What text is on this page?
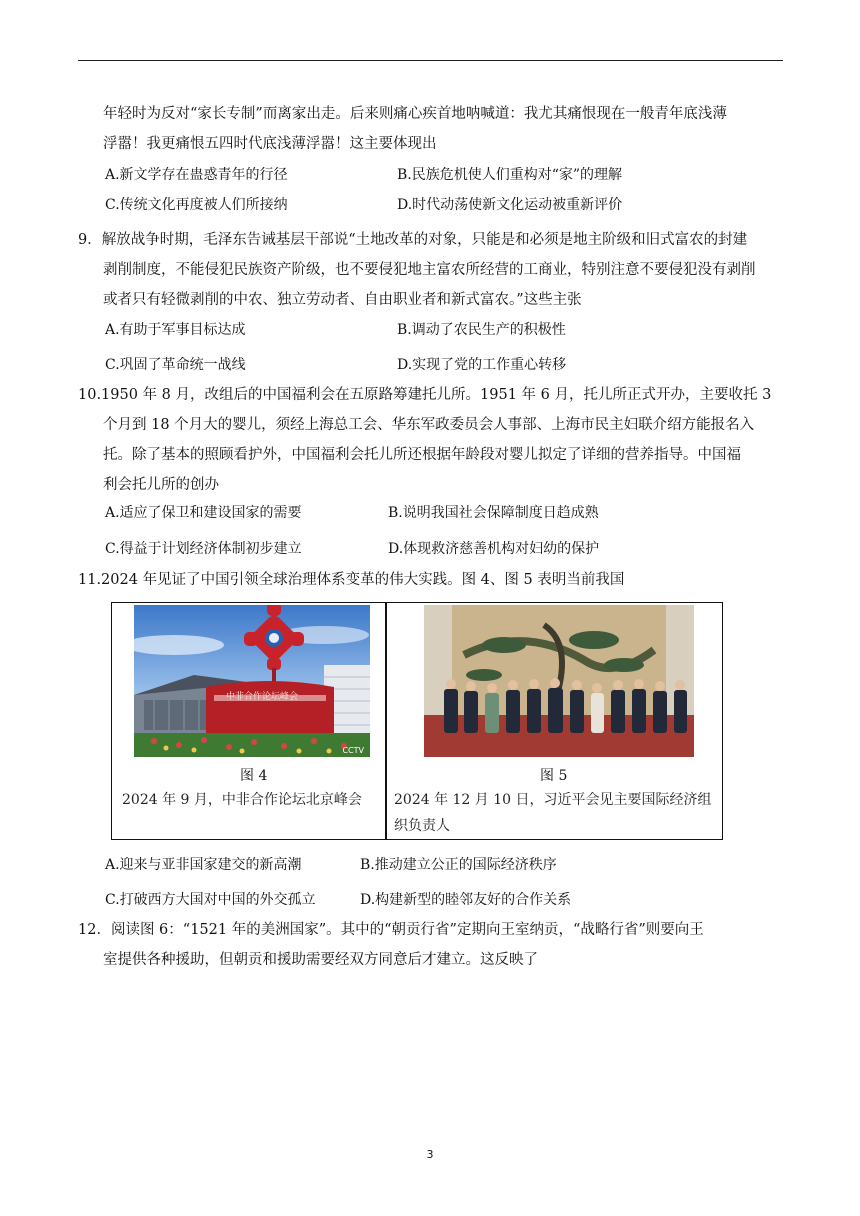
年轻时为反对“家长专制”而离家出走。后来则痛心疾首地呐喊道：我尤其痛恨现在一般青年底浅薄
浮嚣！我更痛恨五四时代底浅薄浮嚣！这主要体现出
A.新文学存在蛊惑青年的行径	B.民族危机使人们重构对“家”的理解
C.传统文化再度被人们所接纳	D.时代动荡使新文化运动被重新评价
9．解放战争时期，毛泽东告诫基层干部说“土地改革的对象，只能是和必须是地主阶级和旧式富农的封建
剥削制度，不能侵犯民族资产阶级，也不要侵犯地主富农所经营的工商业，特别注意不要侵犯没有剥削
或者只有轻微剥削的中农、独立劳动者、自由职业者和新式富农。”这些主张
A.有助于军事目标达成	B.调动了农民生产的积极性
C.巩固了革命统一战线	D.实现了党的工作重心转移
10.1950 年 8 月，改组后的中国福利会在五原路筹建托儿所。1951 年 6 月，托儿所正式开办，主要收托 3
个月到 18 个月大的婴儿，须经上海总工会、华东军政委员会人事部、上海市民主妇联介绍方能报名入
托。除了基本的照顾看护外，中国福利会托儿所还根据年龄段对婴儿拟定了详细的营养指导。中国福
利会托儿所的创办
A.适应了保卫和建设国家的需要	B.说明我国社会保障制度日趋成熟
C.得益于计划经济体制初步建立	D.体现救济慈善机构对妇幼的保护
11.2024 年见证了中国引领全球治理体系变革的伟大实践。图 4、图 5 表明当前我国
中非合作论坛峰会
CCTV
图 4
2024 年 9 月，中非合作论坛北京峰会
图 5
2024 年 12 月 10 日，习近平会见主要国际经济组织负责人
A.迎来与亚非国家建交的新高潮	B.推动建立公正的国际经济秩序
C.打破西方大国对中国的外交孤立	D.构建新型的睦邻友好的合作关系
12．阅读图 6：“1521 年的美洲国家”。其中的“朝贡行省”定期向王室纳贡，“战略行省”则要向王
室提供各种援助，但朝贡和援助需要经双方同意后才建立。这反映了
3
